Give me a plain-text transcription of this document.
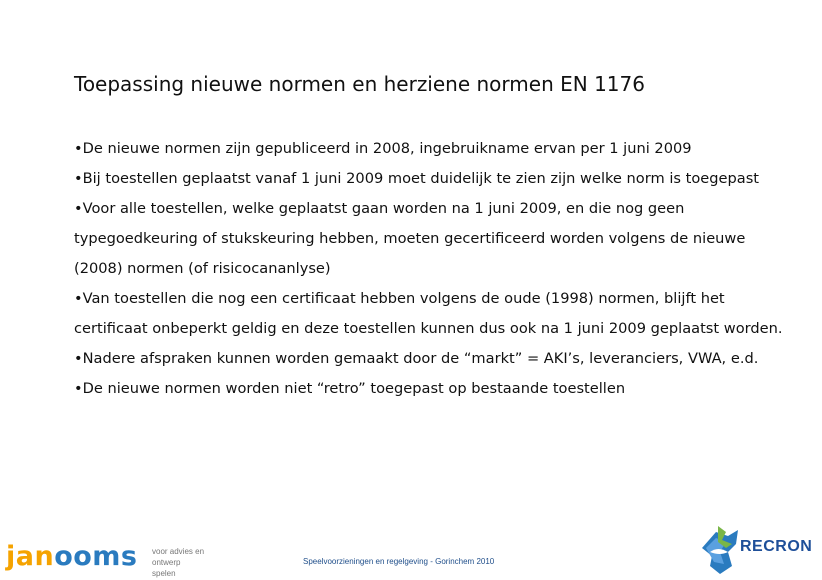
Toepassing nieuwe normen en herziene normen EN 1176
•De nieuwe normen zijn gepubliceerd in 2008, ingebruikname ervan per 1 juni 2009
•Bij toestellen geplaatst vanaf 1 juni 2009 moet duidelijk te zien zijn welke norm is toegepast
•Voor alle toestellen, welke geplaatst gaan worden na 1 juni 2009, en die nog geen typegoedkeuring of stukskeuring hebben, moeten gecertificeerd worden volgens de nieuwe (2008) normen (of risicocananlyse)
•Van toestellen die nog een certificaat hebben volgens de oude (1998) normen, blijft het certificaat onbeperkt geldig en deze toestellen kunnen dus ook na 1 juni 2009 geplaatst worden.
•Nadere afspraken kunnen worden gemaakt door de “markt” = AKI’s, leveranciers, VWA, e.d.
•De nieuwe normen worden niet “retro” toegepast op bestaande toestellen
janooms voor advies en
ontwerp spelen
Speelvoorzieningen en regelgeving - Gorinchem 2010
RECRON
